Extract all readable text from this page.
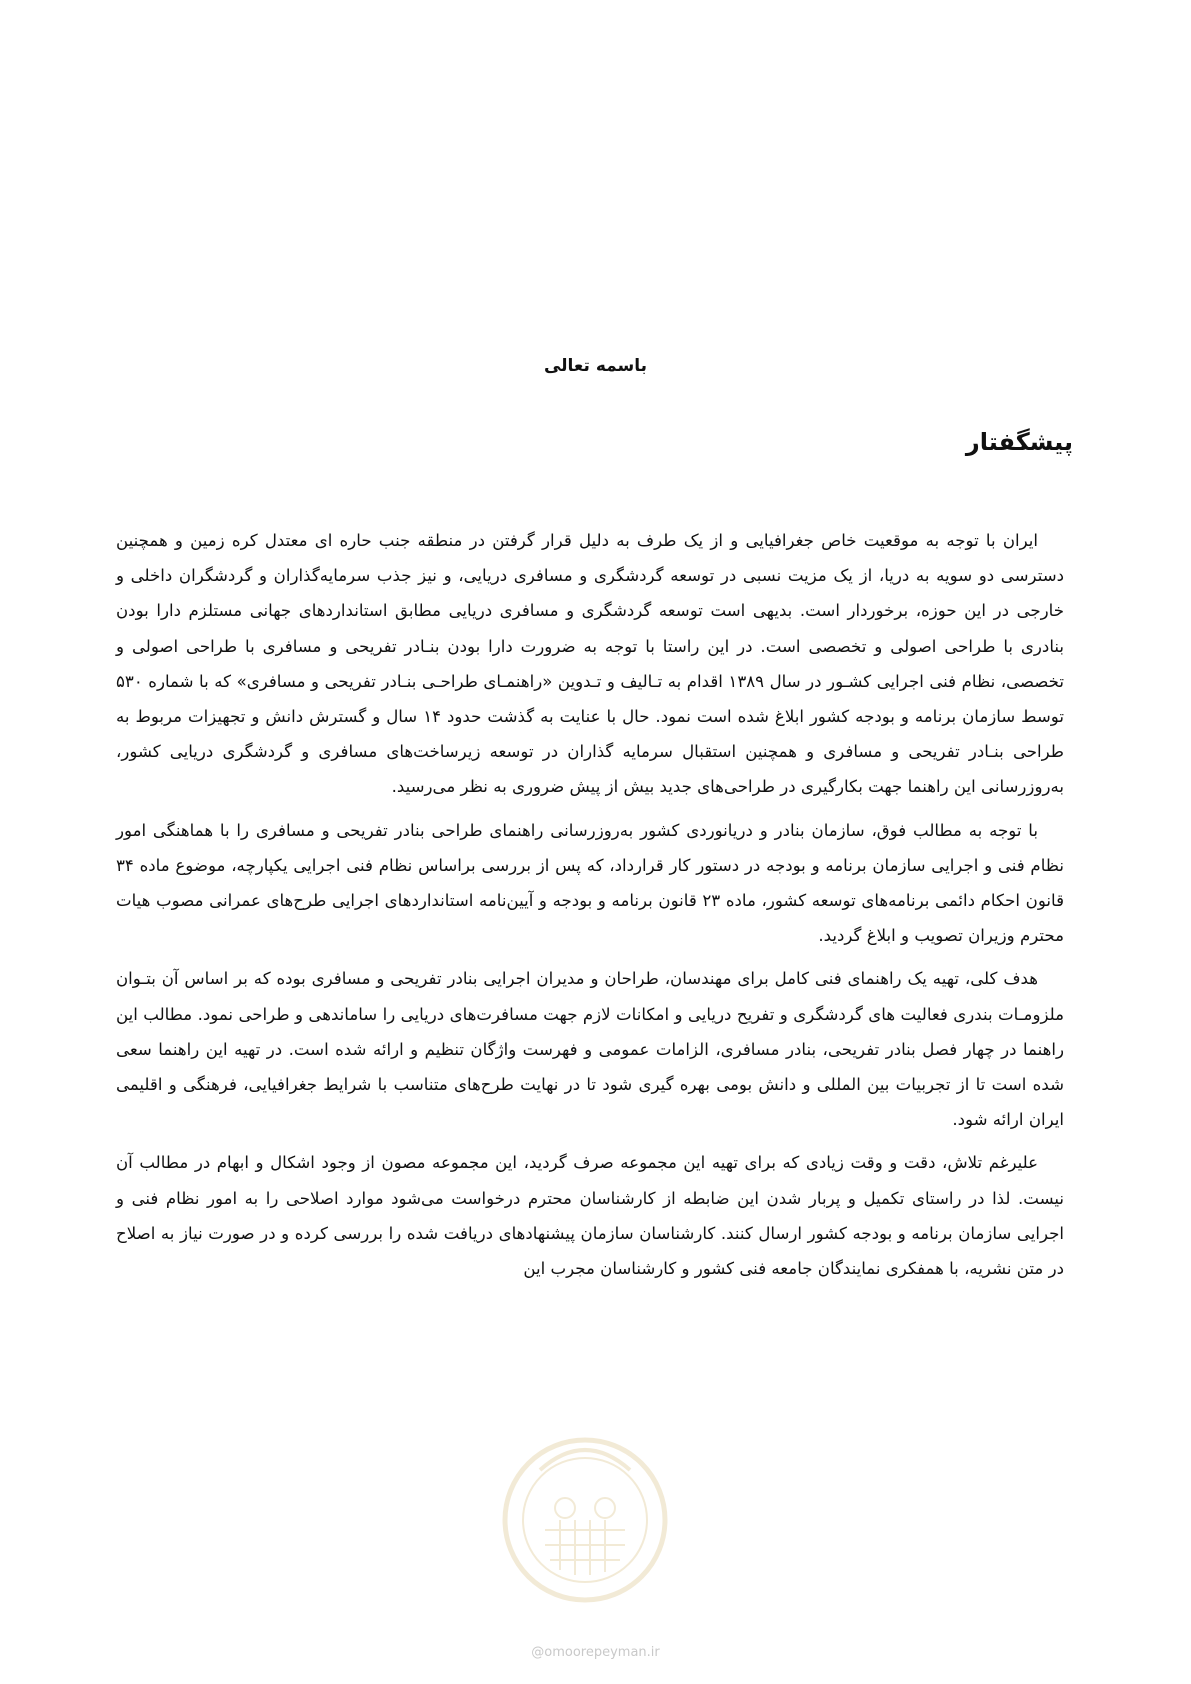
باسمه تعالی
پیشگفتار

ایران با توجه به موقعیت خاص جغرافیایی و از یک طرف به دلیل قرار گرفتن در منطقه جنب حاره ای معتدل کره زمین و همچنین دسترسی دو سویه به دریا، از یک مزیت نسبی در توسعه گردشگری و مسافری دریایی، و نیز جذب سرمایه‌گذاران و گردشگران داخلی و خارجی در این حوزه، برخوردار است. بدیهی است توسعه گردشگری و مسافری دریایی مطابق استانداردهای جهانی مستلزم دارا بودن بنادری با طراحی اصولی و تخصصی است. در این راستا با توجه به ضرورت دارا بودن بنـادر تفریحی و مسافری با طراحی اصولی و تخصصی، نظام فنی اجرایی کشـور در سال ۱۳۸۹ اقدام به تـالیف و تـدوین «راهنمـای طراحـی بنـادر تفریحی و مسافری» که با شماره ۵۳۰ توسط سازمان برنامه و بودجه کشور ابلاغ شده است نمود. حال با عنایت به گذشت حدود ۱۴ سال و گسترش دانش و تجهیزات مربوط به طراحی بنـادر تفریحی و مسافری و همچنین استقبال سرمایه گذاران در توسعه زیرساخت‌های مسافری و گردشگری دریایی کشور، به‌روزرسانی این راهنما جهت بکارگیری در طراحی‌های جدید بیش از پیش ضروری به نظر می‌رسید.

با توجه به مطالب فوق، سازمان بنادر و دریانوردی کشور به‌روزرسانی راهنمای طراحی بنادر تفریحی و مسافری را با هماهنگی امور نظام فنی و اجرایی سازمان برنامه و بودجه در دستور کار قرارداد، که پس از بررسی براساس نظام فنی اجرایی یکپارچه، موضوع ماده ۳۴ قانون احکام دائمی برنامه‌های توسعه کشور، ماده ۲۳ قانون برنامه و بودجه و آیین‌نامه استانداردهای اجرایی طرح‌های عمرانی مصوب هیات محترم وزیران تصویب و ابلاغ گردید.

هدف کلی، تهیه یک راهنمای فنی کامل برای مهندسان، طراحان و مدیران اجرایی بنادر تفریحی و مسافری بوده که بر اساس آن بتـوان ملزومـات بندری فعالیت های گردشگری و تفریح دریایی و امکانات لازم جهت مسافرت‌های دریایی را ساماندهی و طراحی نمود. مطالب این راهنما در چهار فصل بنادر تفریحی، بنادر مسافری، الزامات عمومی و فهرست واژگان تنظیم و ارائه شده است. در تهیه این راهنما سعی شده است تا از تجربیات بین المللی و دانش بومی بهره گیری شود تا در نهایت طرح‌های متناسب با شرایط جغرافیایی، فرهنگی و اقلیمی ایران ارائه شود.

علیرغم تلاش، دقت و وقت زیادی که برای تهیه این مجموعه صرف گردید، این مجموعه مصون از وجود اشکال و ابهام در مطالب آن نیست. لذا در راستای تکمیل و پربار شدن این ضابطه از کارشناسان محترم درخواست می‌شود موارد اصلاحی را به امور نظام فنی و اجرایی سازمان برنامه و بودجه کشور ارسال کنند. کارشناسان سازمان پیشنهادهای دریافت شده را بررسی کرده و در صورت نیاز به اصلاح در متن نشریه، با همفکری نمایندگان جامعه فنی کشور و کارشناسان مجرب این

@omoorepeyman.ir
